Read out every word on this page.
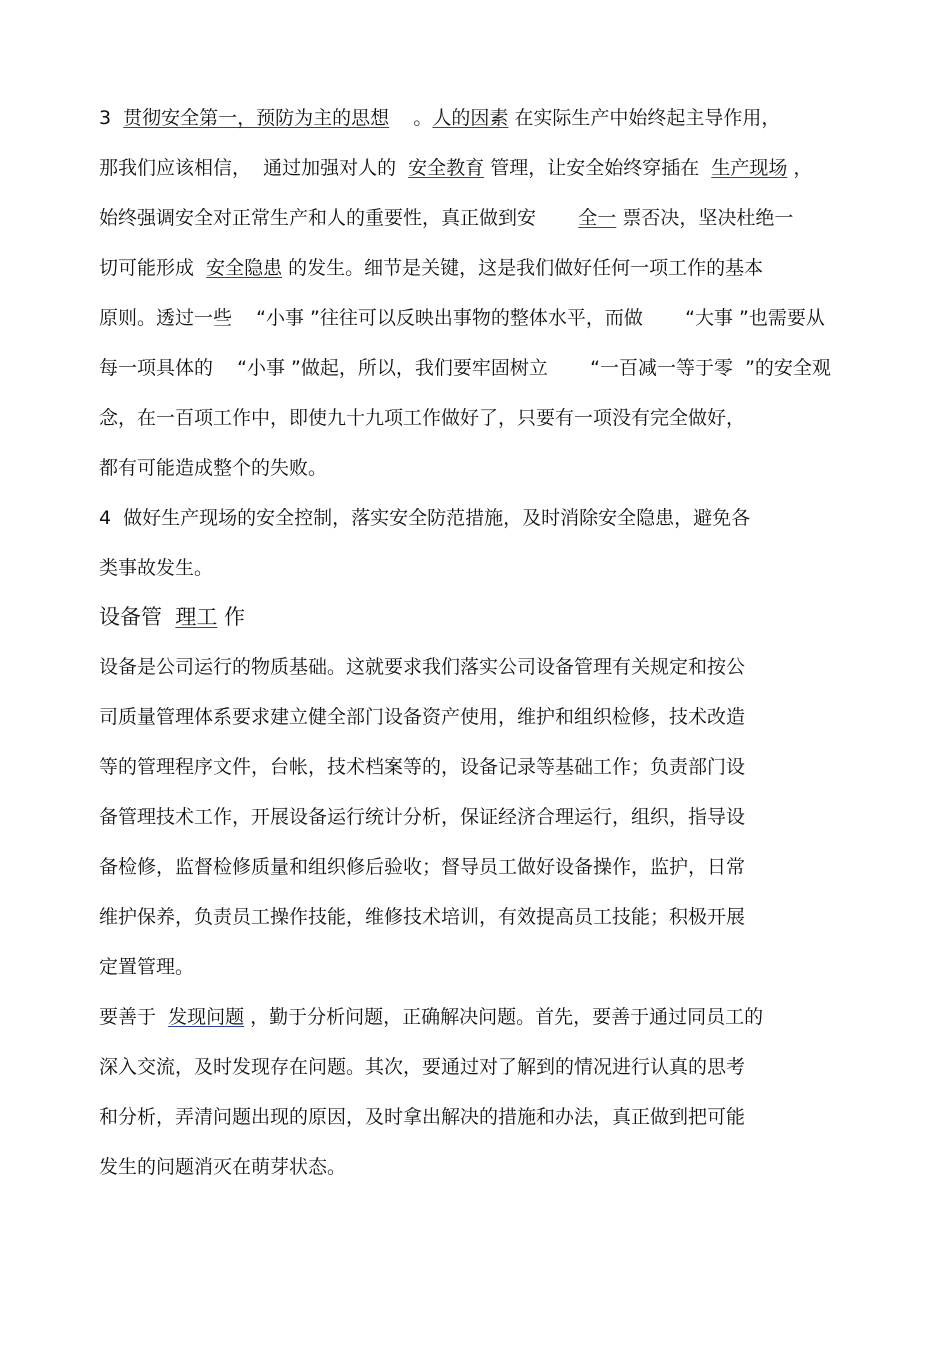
3  贯彻安全第一，预防为主的思想    。人的因素 在实际生产中始终起主导作用，
那我们应该相信，  通过加强对人的  安全教育 管理，让安全始终穿插在  生产现场 ，
始终强调安全对正常生产和人的重要性，真正做到安       全一 票否决，坚决杜绝一
切可能形成  安全隐患 的发生。细节是关键，这是我们做好任何一项工作的基本
原则。透过一些    “小事 ”往往可以反映出事物的整体水平，而做       “大事 ”也需要从
每一项具体的    “小事 ”做起，所以，我们要牢固树立       “一百减一等于零  ”的安全观
念，在一百项工作中，即使九十九项工作做好了，只要有一项没有完全做好，
都有可能造成整个的失败。
4  做好生产现场的安全控制，落实安全防范措施，及时消除安全隐患，避免各
类事故发生。
设备管  理工 作
设备是公司运行的物质基础。这就要求我们落实公司设备管理有关规定和按公
司质量管理体系要求建立健全部门设备资产使用，维护和组织检修，技术改造
等的管理程序文件，台帐，技术档案等的，设备记录等基础工作；负责部门设
备管理技术工作，开展设备运行统计分析，保证经济合理运行，组织，指导设
备检修，监督检修质量和组织修后验收；督导员工做好设备操作，监护，日常
维护保养，负责员工操作技能，维修技术培训，有效提高员工技能；积极开展
定置管理。
要善于  发现问题 ，勤于分析问题，正确解决问题。首先，要善于通过同员工的
深入交流，及时发现存在问题。其次，要通过对了解到的情况进行认真的思考
和分析，弄清问题出现的原因，及时拿出解决的措施和办法，真正做到把可能
发生的问题消灭在萌芽状态。
